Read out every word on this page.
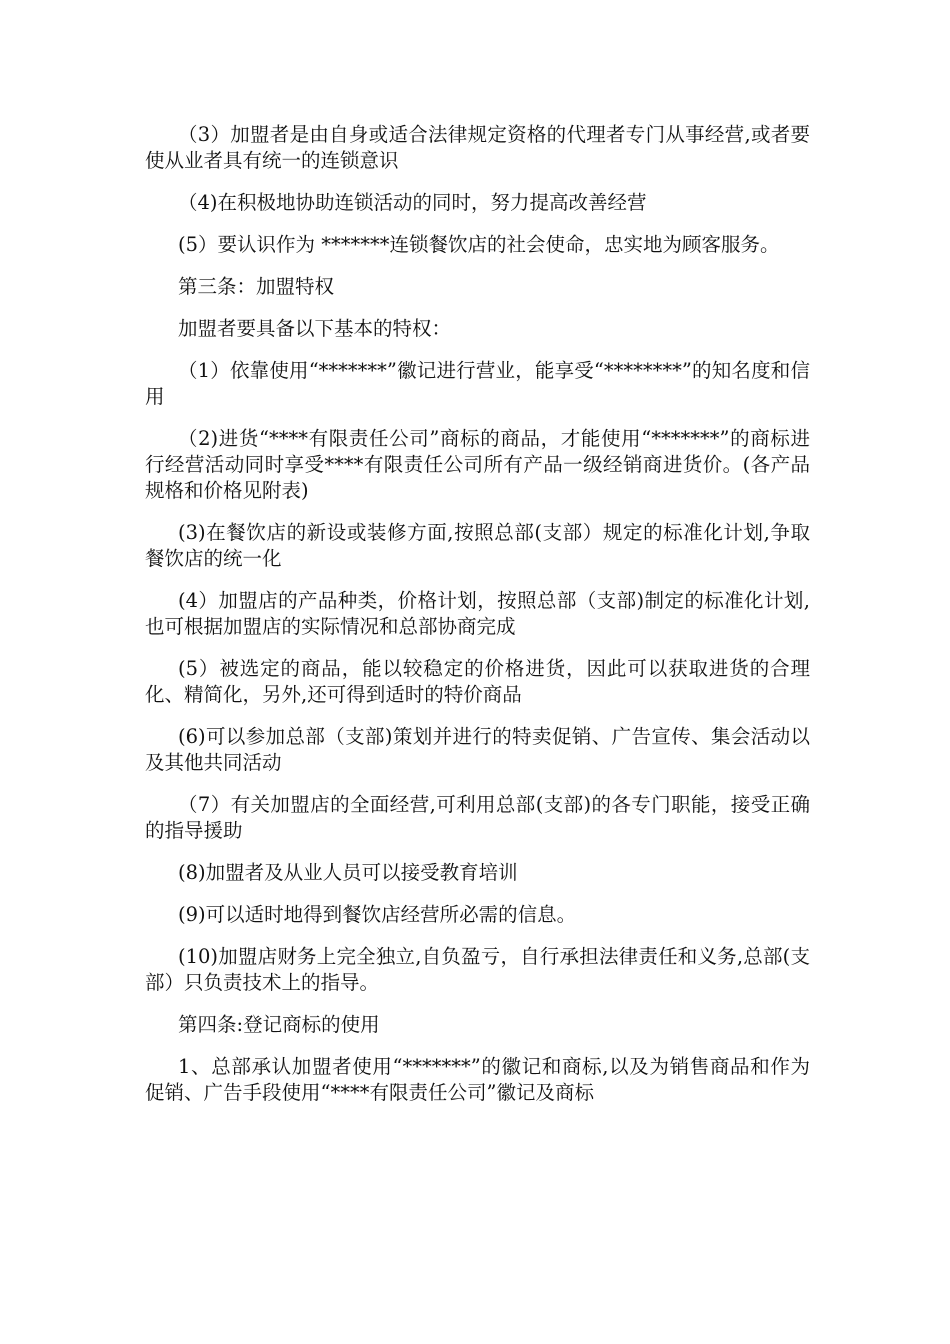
（3）加盟者是由自身或适合法律规定资格的代理者专门从事经营,或者要使从业者具有统一的连锁意识

（4)在积极地协助连锁活动的同时，努力提高改善经营

(5）要认识作为 *******连锁餐饮店的社会使命，忠实地为顾客服务。

第三条：加盟特权

加盟者要具备以下基本的特权：

（1）依靠使用“*******”徽记进行营业，能享受“********”的知名度和信用

（2)进货“****有限责任公司”商标的商品，才能使用“*******”的商标进行经营活动同时享受****有限责任公司所有产品一级经销商进货价。(各产品规格和价格见附表)

(3)在餐饮店的新设或装修方面,按照总部(支部）规定的标准化计划,争取餐饮店的统一化

(4）加盟店的产品种类，价格计划，按照总部（支部)制定的标准化计划,也可根据加盟店的实际情况和总部协商完成

(5）被选定的商品，能以较稳定的价格进货，因此可以获取进货的合理化、精简化，另外,还可得到适时的特价商品

(6)可以参加总部（支部)策划并进行的特卖促销、广告宣传、集会活动以及其他共同活动

（7）有关加盟店的全面经营,可利用总部(支部)的各专门职能，接受正确的指导援助

(8)加盟者及从业人员可以接受教育培训

(9)可以适时地得到餐饮店经营所必需的信息。

(10)加盟店财务上完全独立,自负盈亏，自行承担法律责任和义务,总部(支部）只负责技术上的指导。

第四条:登记商标的使用

1、总部承认加盟者使用“*******”的徽记和商标,以及为销售商品和作为促销、广告手段使用“****有限责任公司”徽记及商标
